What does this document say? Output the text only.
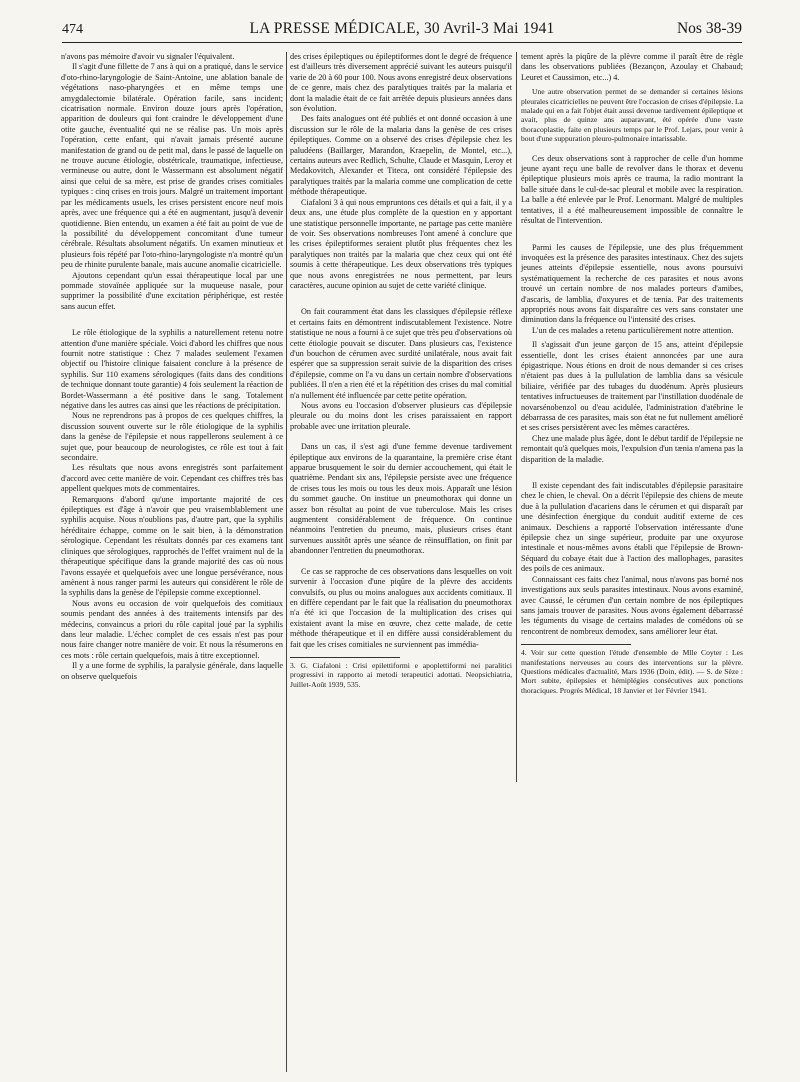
474	LA PRESSE MÉDICALE, 30 Avril-3 Mai 1941	Nos 38-39

n'avons pas mémoire d'avoir vu signaler l'équivalent.

Il s'agit d'une fillette de 7 ans à qui on a pratiqué, dans le service d'oto-rhino-laryngologie de Saint-Antoine, une ablation banale de végétations naso-pharyngées et en même temps une amygdalectomie bilatérale. Opération facile, sans incident; cicatrisation normale. Environ douze jours après l'opération, apparition de douleurs qui font craindre le développement d'une otite gauche, éventualité qui ne se réalise pas. Un mois après l'opération, cette enfant, qui n'avait jamais présenté aucune manifestation de grand ou de petit mal, dans le passé de laquelle on ne trouve aucune étiologie, obstétricale, traumatique, infectieuse, vermineuse ou autre, dont le Wassermann est absolument négatif ainsi que celui de sa mère, est prise de grandes crises comitiales typiques : cinq crises en trois jours. Malgré un traitement important par les médicaments usuels, les crises persistent encore neuf mois après, avec une fréquence qui a été en augmentant, jusqu'à devenir quotidienne. Bien entendu, un examen a été fait au point de vue de la possibilité du développement concomitant d'une tumeur cérébrale. Résultats absolument négatifs. Un examen minutieux et plusieurs fois répété par l'oto-rhino-laryngologiste n'a montré qu'un peu de rhinite purulente banale, mais aucune anomalie cicatricielle.

Ajoutons cependant qu'un essai thérapeutique local par une pommade stovaïnée appliquée sur la muqueuse nasale, pour supprimer la possibilité d'une excitation périphérique, est restée sans aucun effet.

Le rôle étiologique de la syphilis a naturellement retenu notre attention d'une manière spéciale. Voici d'abord les chiffres que nous fournit notre statistique : Chez 7 malades seulement l'examen objectif ou l'histoire clinique faisaient conclure à la présence de syphilis. Sur 110 examens sérologiques (faits dans des conditions de technique donnant toute garantie) 4 fois seulement la réaction de Bordet-Wassermann a été positive dans le sang. Totalement négative dans les autres cas ainsi que les réactions de précipitation.

Nous ne reprendrons pas à propos de ces quelques chiffres, la discussion souvent ouverte sur le rôle étiologique de la syphilis dans la genèse de l'épilepsie et nous rappellerons seulement à ce sujet que, pour beaucoup de neurologistes, ce rôle est tout à fait secondaire.

Les résultats que nous avons enregistrés sont parfaitement d'accord avec cette manière de voir. Cependant ces chiffres très bas appellent quelques mots de commentaires.

Remarquons d'abord qu'une importante majorité de ces épileptiques est d'âge à n'avoir que peu vraisemblablement une syphilis acquise. Nous n'oublions pas, d'autre part, que la syphilis héréditaire échappe, comme on le sait bien, à la démonstration sérologique. Cependant les résultats donnés par ces examens tant cliniques que sérologiques, rapprochés de l'effet vraiment nul de la thérapeutique spécifique dans la grande majorité des cas où nous l'avons essayée et quelquefois avec une longue persévérance, nous amènent à nous ranger parmi les auteurs qui considèrent le rôle de la syphilis dans la genèse de l'épilepsie comme exceptionnel.

Nous avons eu occasion de voir quelquefois des comitiaux soumis pendant des années à des traitements intensifs par des médecins, convaincus a priori du rôle capital joué par la syphilis dans leur maladie. L'échec complet de ces essais n'est pas pour nous faire changer notre manière de voir. Et nous la résumerons en ces mots : rôle certain quelquefois, mais à titre exceptionnel.

Il y a une forme de syphilis, la paralysie générale, dans laquelle on observe quelquefois

des crises épileptiques ou épileptiformes dont le degré de fréquence est d'ailleurs très diversement apprécié suivant les auteurs puisqu'il varie de 20 à 60 pour 100. Nous avons enregistré deux observations de ce genre, mais chez des paralytiques traités par la malaria et dont la maladie était de ce fait arrêtée depuis plusieurs années dans son évolution.

Des faits analogues ont été publiés et ont donné occasion à une discussion sur le rôle de la malaria dans la genèse de ces crises épileptiques. Comme on a observé des crises d'épilepsie chez les paludéens (Baillarger, Marandon, Kraepelin, de Montel, etc...), certains auteurs avec Redlich, Schulte, Claude et Masquin, Leroy et Medakovitch, Alexander et Titeca, ont considéré l'épilepsie des paralytiques traités par la malaria comme une complication de cette méthode thérapeutique.

Ciafaloni 3 à qui nous empruntons ces détails et qui a fait, il y a deux ans, une étude plus complète de la question en y apportant une statistique personnelle importante, ne partage pas cette manière de voir. Ses observations nombreuses l'ont amené à conclure que les crises épileptiformes seraient plutôt plus fréquentes chez les paralytiques non traités par la malaria que chez ceux qui ont été soumis à cette thérapeutique. Les deux observations très typiques que nous avons enregistrées ne nous permettent, par leurs caractères, aucune opinion au sujet de cette variété clinique.

On fait couramment état dans les classiques d'épilepsie réflexe et certains faits en démontrent indiscutablement l'existence. Notre statistique ne nous a fourni à ce sujet que très peu d'observations où cette étiologie pouvait se discuter. Dans plusieurs cas, l'existence d'un bouchon de cérumen avec surdité unilatérale, nous avait fait espérer que sa suppression serait suivie de la disparition des crises d'épilepsie, comme on l'a vu dans un certain nombre d'observations publiées. Il n'en a rien été et la répétition des crises du mal comitial n'a nullement été influencée par cette petite opération.

Nous avons eu l'occasion d'observer plusieurs cas d'épilepsie pleurale ou du moins dont les crises paraissaient en rapport probable avec une irritation pleurale.

Dans un cas, il s'est agi d'une femme devenue tardivement épileptique aux environs de la quarantaine, la première crise étant apparue brusquement le soir du dernier accouchement, qui était le quatrième. Pendant six ans, l'épilepsie persiste avec une fréquence de crises tous les mois ou tous les deux mois. Apparaît une lésion du sommet gauche. On institue un pneumothorax qui donne un assez bon résultat au point de vue tuberculose. Mais les crises augmentent considérablement de fréquence. On continue néanmoins l'entretien du pneumo, mais, plusieurs crises étant survenues aussitôt après une séance de réinsufflation, on finit par abandonner l'entretien du pneumothorax.

Ce cas se rapproche de ces observations dans lesquelles on voit survenir à l'occasion d'une piqûre de la plèvre des accidents convulsifs, ou plus ou moins analogues aux accidents comitiaux. Il en diffère cependant par le fait que la réalisation du pneumothorax n'a été ici que l'occasion de la multiplication des crises qui existaient avant la mise en œuvre, chez cette malade, de cette méthode thérapeutique et il en diffère aussi considérablement du fait que les crises comitiales ne surviennent pas immédia-

3. G. Ciafaloni : Crisi epilettiformi e apoplettiformi nei paralitici progressivi in rapporto ai metodi terapeutici adottati. Neopsichiatria, Juillet-Août 1939, 535.

tement après la piqûre de la plèvre comme il paraît être de règle dans les observations publiées (Bezançon, Azoulay et Chabaud; Leuret et Caussimon, etc...) 4.

Une autre observation permet de se demander si certaines lésions pleurales cicatricielles ne peuvent être l'occasion de crises d'épilepsie. La malade qui en a fait l'objet était aussi devenue tardivement épileptique et avait, plus de quinze ans auparavant, été opérée d'une vaste thoracoplastie, faite en plusieurs temps par le Prof. Lejars, pour venir à bout d'une suppuration pleuro-pulmonaire intarissable.

Ces deux observations sont à rapprocher de celle d'un homme jeune ayant reçu une balle de revolver dans le thorax et devenu épileptique plusieurs mois après ce trauma, la radio montrant la balle située dans le cul-de-sac pleural et mobile avec la respiration. La balle a été enlevée par le Prof. Lenormant. Malgré de multiples tentatives, il a été malheureusement impossible de connaître le résultat de l'intervention.

Parmi les causes de l'épilepsie, une des plus fréquemment invoquées est la présence des parasites intestinaux. Chez des sujets jeunes atteints d'épilepsie essentielle, nous avons poursuivi systématiquement la recherche de ces parasites et nous avons trouvé un certain nombre de nos malades porteurs d'amibes, d'ascaris, de lamblia, d'oxyures et de tænia. Par des traitements appropriés nous avons fait disparaître ces vers sans constater une diminution dans la fréquence ou l'intensité des crises.

L'un de ces malades a retenu particulièrement notre attention.

Il s'agissait d'un jeune garçon de 15 ans, atteint d'épilepsie essentielle, dont les crises étaient annoncées par une aura épigastrique. Nous étions en droit de nous demander si ces crises n'étaient pas dues à la pullulation de lamblia dans sa vésicule biliaire, vérifiée par des tubages du duodénum. Après plusieurs tentatives infructueuses de traitement par l'instillation duodénale de novarsénobenzol ou d'eau acidulée, l'administration d'atébrine le débarrassa de ces parasites, mais son état ne fut nullement amélioré et ses crises persistèrent avec les mêmes caractères.

Chez une malade plus âgée, dont le début tardif de l'épilepsie ne remontait qu'à quelques mois, l'expulsion d'un tænia n'amena pas la disparition de la maladie.

Il existe cependant des fait indiscutables d'épilepsie parasitaire chez le chien, le cheval. On a décrit l'épilepsie des chiens de meute due à la pullulation d'acariens dans le cérumen et qui disparaît par une désinfection énergique du conduit auditif externe de ces animaux. Deschiens a rapporté l'observation intéressante d'une épilepsie chez un singe supérieur, produite par une oxyurose intestinale et nous-mêmes avons établi que l'épilepsie de Brown-Séquard du cobaye était due à l'action des mallophages, parasites des poils de ces animaux.

Connaissant ces faits chez l'animal, nous n'avons pas borné nos investigations aux seuls parasites intestinaux. Nous avons examiné, avec Caussé, le cérumen d'un certain nombre de nos épileptiques sans jamais trouver de parasites. Nous avons également débarrassé les téguments du visage de certains malades de comédons où se rencontrent de nombreux demodex, sans améliorer leur état.

4. Voir sur cette question l'étude d'ensemble de Mlle Coyter : Les manifestations nerveuses au cours des interventions sur la plèvre. Questions médicales d'actualité, Mars 1936 (Doin, édit). — S. de Sèze : Mort subite, épilepsies et hémiplégies consécutives aux ponctions thoraciques. Progrès Médical, 18 Janvier et 1er Février 1941.
